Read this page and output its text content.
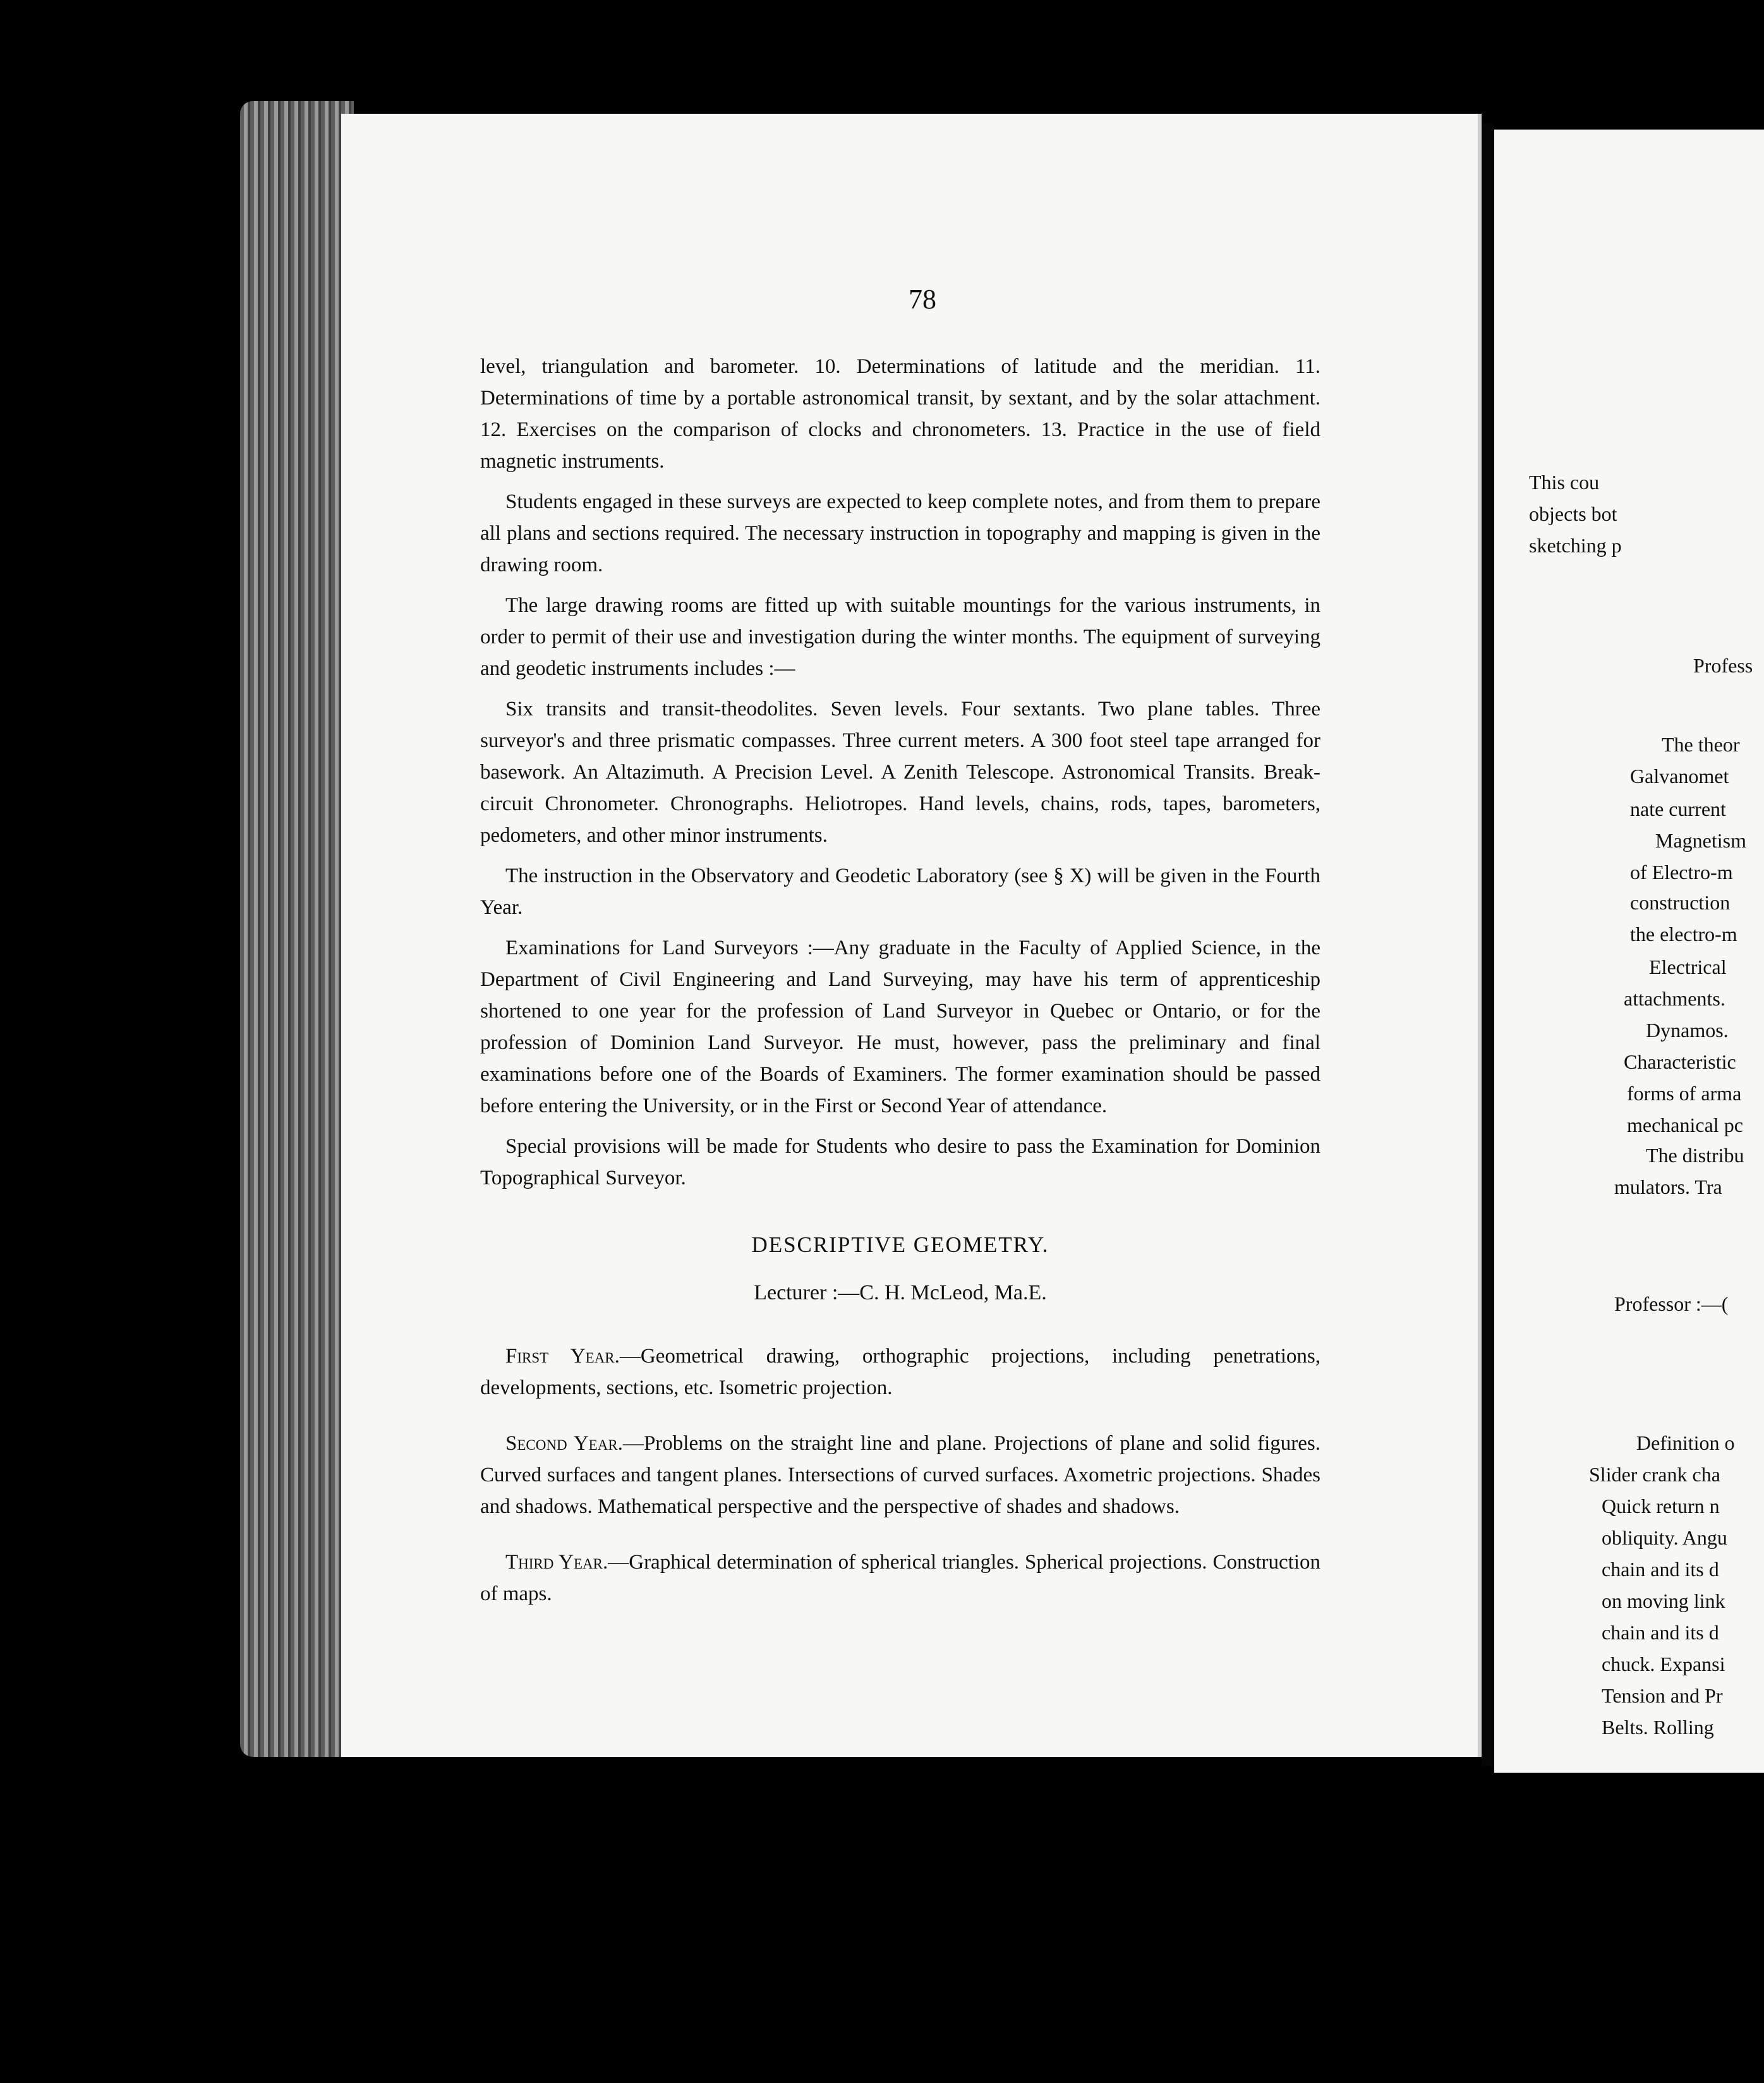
78

level, triangulation and barometer. 10. Determinations of latitude and the meridian. 11. Determinations of time by a portable astronomical transit, by sextant, and by the solar attachment. 12. Exercises on the comparison of clocks and chronometers. 13. Practice in the use of field magnetic instruments.

Students engaged in these surveys are expected to keep complete notes, and from them to prepare all plans and sections required. The necessary instruction in topography and mapping is given in the drawing room.

The large drawing rooms are fitted up with suitable mountings for the various instruments, in order to permit of their use and investigation during the winter months. The equipment of surveying and geodetic instruments includes :—

Six transits and transit-theodolites. Seven levels. Four sextants. Two plane tables. Three surveyor's and three prismatic compasses. Three current meters. A 300 foot steel tape arranged for basework. An Altazimuth. A Precision Level. A Zenith Telescope. Astronomical Transits. Break-circuit Chronometer. Chronographs. Heliotropes. Hand levels, chains, rods, tapes, barometers, pedometers, and other minor instruments.

The instruction in the Observatory and Geodetic Laboratory (see § X) will be given in the Fourth Year.

Examinations for Land Surveyors :—Any graduate in the Faculty of Applied Science, in the Department of Civil Engineering and Land Surveying, may have his term of apprenticeship shortened to one year for the profession of Land Surveyor in Quebec or Ontario, or for the profession of Dominion Land Surveyor. He must, however, pass the preliminary and final examinations before one of the Boards of Examiners. The former examination should be passed before entering the University, or in the First or Second Year of attendance.

Special provisions will be made for Students who desire to pass the Examination for Dominion Topographical Surveyor.

DESCRIPTIVE GEOMETRY.
Lecturer :—C. H. McLeod, Ma.E.

First Year.—Geometrical drawing, orthographic projections, including penetrations, developments, sections, etc. Isometric projection.

Second Year.—Problems on the straight line and plane. Projections of plane and solid figures. Curved surfaces and tangent planes. Intersections of curved surfaces. Axometric projections. Shades and shadows. Mathematical perspective and the perspective of shades and shadows.

Third Year.—Graphical determination of spherical triangles. Spherical projections. Construction of maps.

This cou
objects bot
sketching p
Profess
The theor
Galvanomet
nate current
Magnetism
of Electro-m
construction
the electro-m
Electrical
attachments.
Dynamos.
Characteristic
forms of arma
mechanical pc
The distribu
mulators. Tra
Professor :—(
Definition o
Slider crank cha
Quick return n
obliquity. Angu
chain and its d
on moving link
chain and its d
chuck. Expansi
Tension and Pr
Belts. Rolling
